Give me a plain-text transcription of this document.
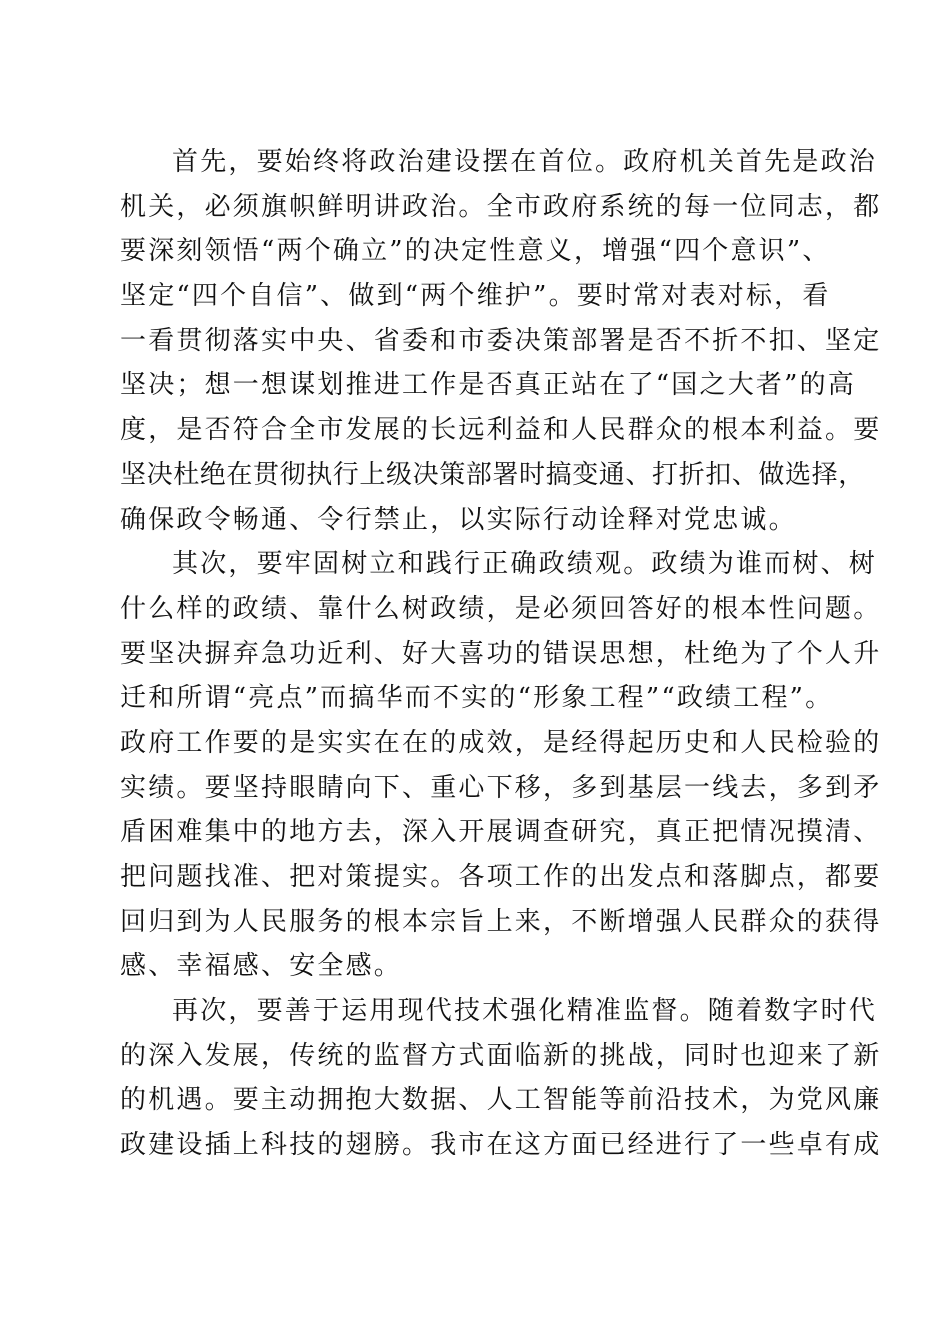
首先，要始终将政治建设摆在首位。政府机关首先是政治
机关，必须旗帜鲜明讲政治。全市政府系统的每一位同志，都
要深刻领悟“两个确立”的决定性意义，增强“四个意识”、
坚定“四个自信”、做到“两个维护”。要时常对表对标，看
一看贯彻落实中央、省委和市委决策部署是否不折不扣、坚定
坚决；想一想谋划推进工作是否真正站在了“国之大者”的高
度，是否符合全市发展的长远利益和人民群众的根本利益。要
坚决杜绝在贯彻执行上级决策部署时搞变通、打折扣、做选择，
确保政令畅通、令行禁止，以实际行动诠释对党忠诚。
其次，要牢固树立和践行正确政绩观。政绩为谁而树、树
什么样的政绩、靠什么树政绩，是必须回答好的根本性问题。
要坚决摒弃急功近利、好大喜功的错误思想，杜绝为了个人升
迁和所谓“亮点”而搞华而不实的“形象工程”“政绩工程”。
政府工作要的是实实在在的成效，是经得起历史和人民检验的
实绩。要坚持眼睛向下、重心下移，多到基层一线去，多到矛
盾困难集中的地方去，深入开展调查研究，真正把情况摸清、
把问题找准、把对策提实。各项工作的出发点和落脚点，都要
回归到为人民服务的根本宗旨上来，不断增强人民群众的获得
感、幸福感、安全感。
再次，要善于运用现代技术强化精准监督。随着数字时代
的深入发展，传统的监督方式面临新的挑战，同时也迎来了新
的机遇。要主动拥抱大数据、人工智能等前沿技术，为党风廉
政建设插上科技的翅膀。我市在这方面已经进行了一些卓有成
